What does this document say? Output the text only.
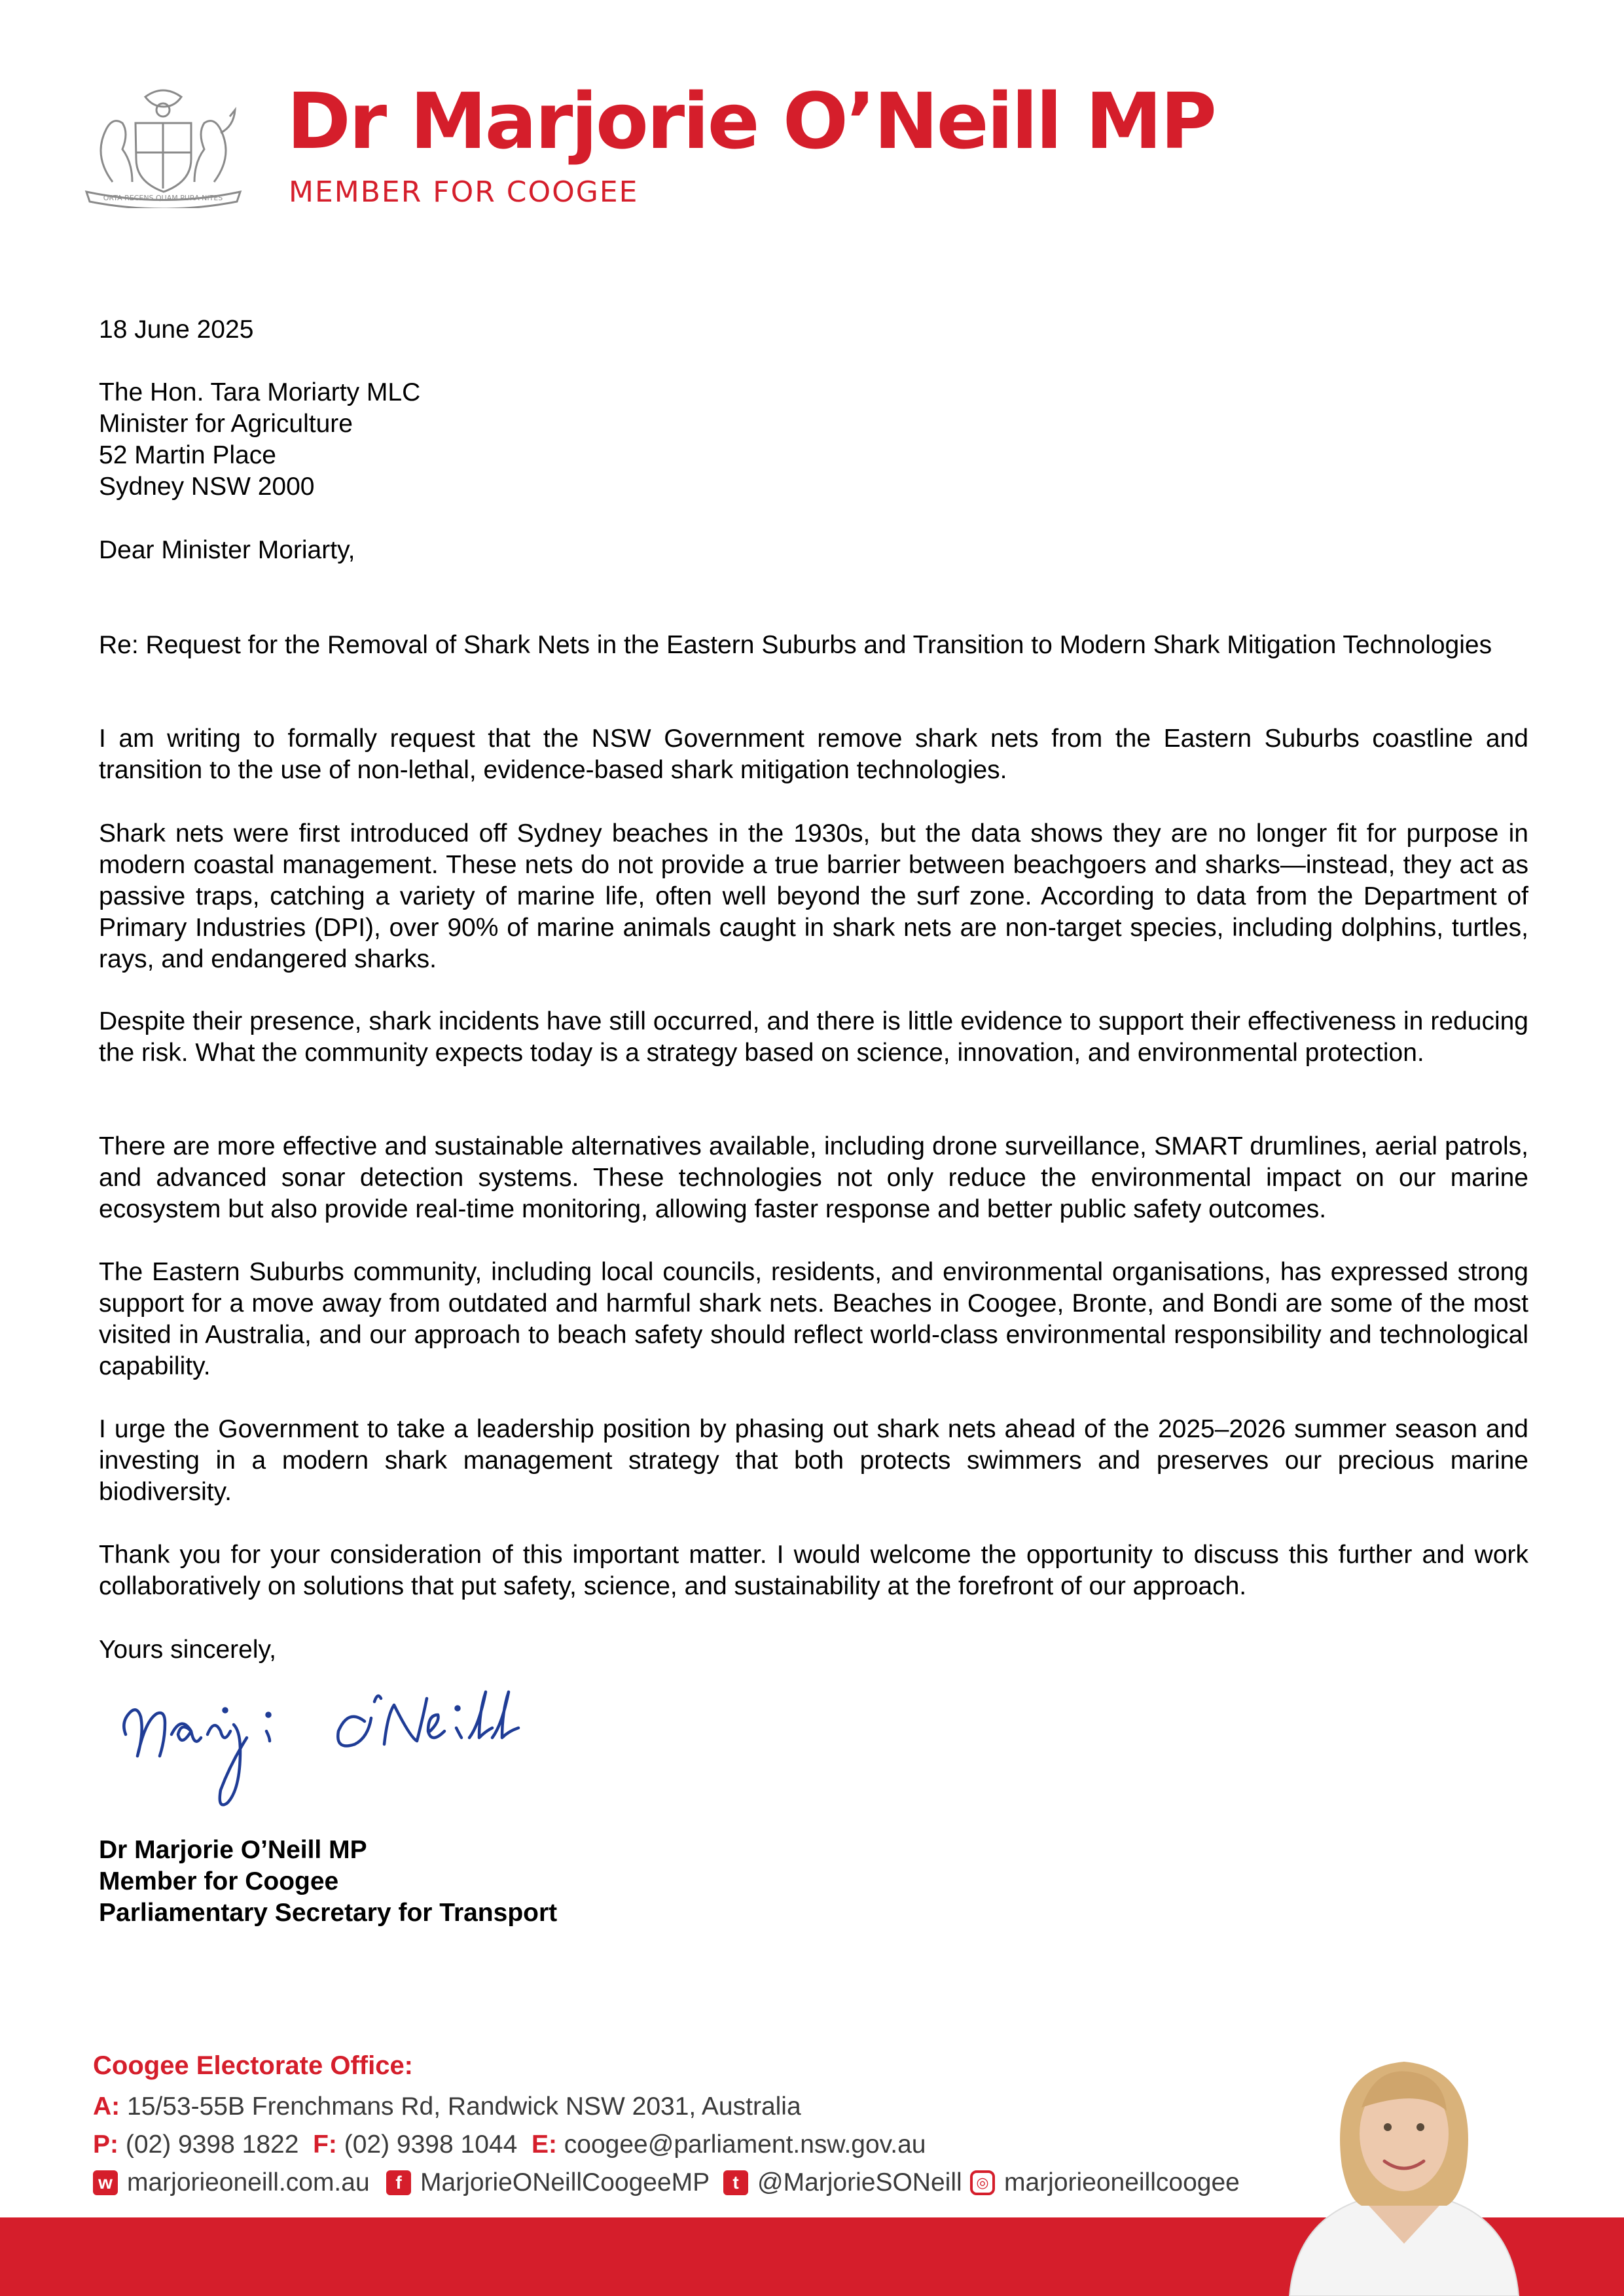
ORTA RECENS QUAM PURA NITES
Dr Marjorie O’Neill MP
MEMBER FOR COOGEE
18 June 2025
The Hon. Tara Moriarty MLC
Minister for Agriculture
52 Martin Place
Sydney NSW 2000
Dear Minister Moriarty,

Re: Request for the Removal of Shark Nets in the Eastern Suburbs and Transition to Modern Shark Mitigation Technologies

I am writing to formally request that the NSW Government remove shark nets from the Eastern Suburbs coastline and transition to the use of non-lethal, evidence-based shark mitigation technologies.

Shark nets were first introduced off Sydney beaches in the 1930s, but the data shows they are no longer fit for purpose in modern coastal management. These nets do not provide a true barrier between beachgoers and sharks—instead, they act as passive traps, catching a variety of marine life, often well beyond the surf zone. According to data from the Department of Primary Industries (DPI), over 90% of marine animals caught in shark nets are non-target species, including dolphins, turtles, rays, and endangered sharks.

Despite their presence, shark incidents have still occurred, and there is little evidence to support their effectiveness in reducing the risk. What the community expects today is a strategy based on science, innovation, and environmental protection.

There are more effective and sustainable alternatives available, including drone surveillance, SMART drumlines, aerial patrols, and advanced sonar detection systems. These technologies not only reduce the environmental impact on our marine ecosystem but also provide real-time monitoring, allowing faster response and better public safety outcomes.

The Eastern Suburbs community, including local councils, residents, and environmental organisations, has expressed strong support for a move away from outdated and harmful shark nets. Beaches in Coogee, Bronte, and Bondi are some of the most visited in Australia, and our approach to beach safety should reflect world-class environmental responsibility and technological capability.

I urge the Government to take a leadership position by phasing out shark nets ahead of the 2025–2026 summer season and investing in a modern shark management strategy that both protects swimmers and preserves our precious marine biodiversity.

Thank you for your consideration of this important matter. I would welcome the opportunity to discuss this further and work collaboratively on solutions that put safety, science, and sustainability at the forefront of our approach.

Yours sincerely,
Dr Marjorie O’Neill MP
Member for Coogee
Parliamentary Secretary for Transport
Coogee Electorate Office:
A: 15/53-55B Frenchmans Rd, Randwick NSW 2031, Australia
P: (02) 9398 1822 F: (02) 9398 1044 E: coogee@parliament.nsw.gov.au
w marjorieoneill.com.au	f MarjorieONeillCoogeeMP	t @MarjorieSONeill ◎ marjorieoneillcoogee
